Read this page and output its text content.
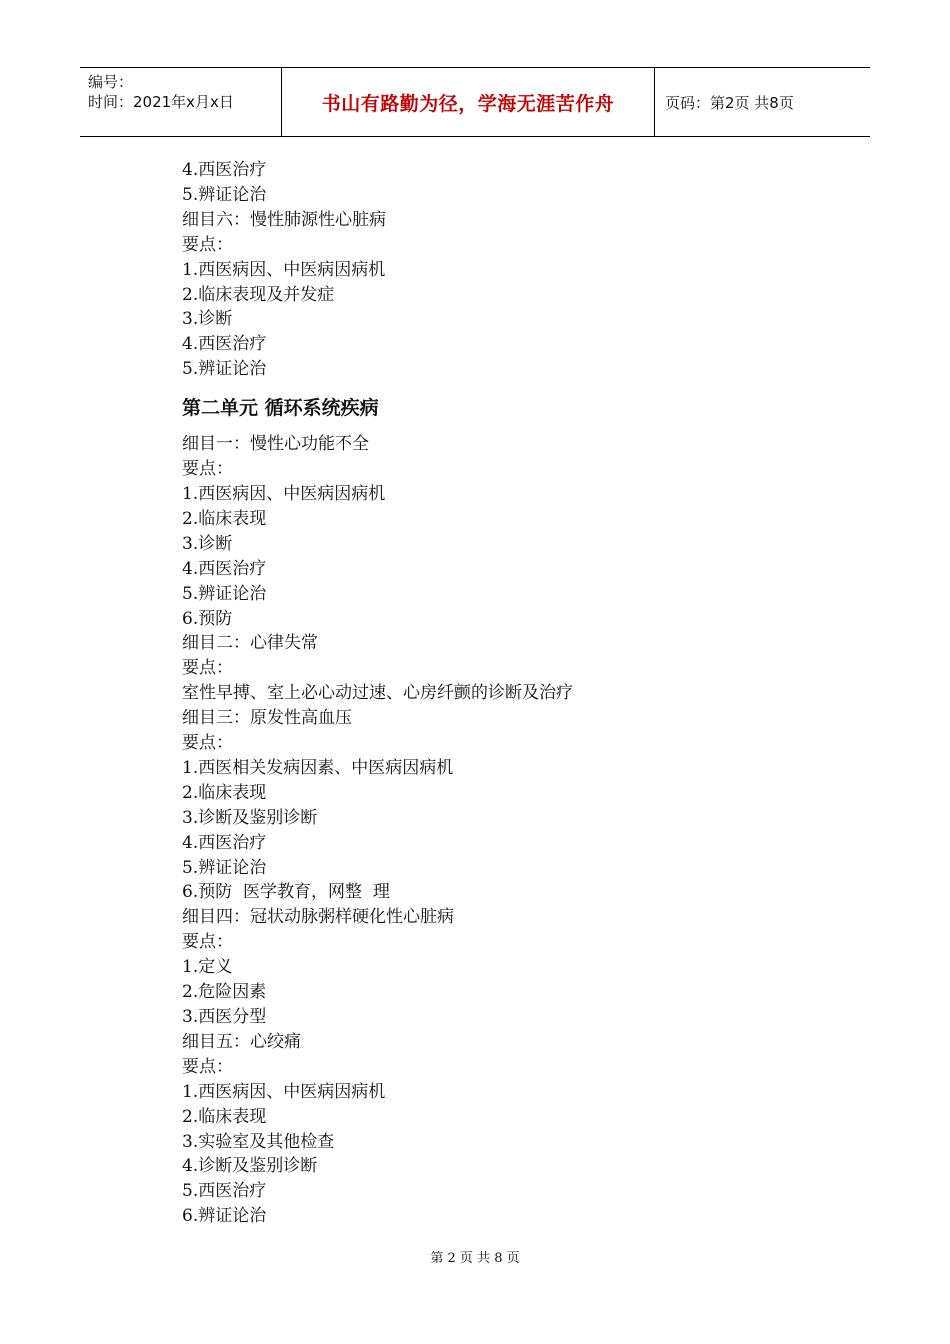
编号：
时间：2021年x月x日	书山有路勤为径，学海无涯苦作舟	页码：第2页 共8页
4.西医治疗
5.辨证论治
细目六：慢性肺源性心脏病
要点：
1.西医病因、中医病因病机
2.临床表现及并发症
3.诊断
4.西医治疗
5.辨证论治
第二单元 循环系统疾病
细目一：慢性心功能不全
要点：
1.西医病因、中医病因病机
2.临床表现
3.诊断
4.西医治疗
5.辨证论治
6.预防
细目二：心律失常
要点：
室性早搏、室上必心动过速、心房纤颤的诊断及治疗
细目三：原发性高血压
要点：
1.西医相关发病因素、中医病因病机
2.临床表现
3.诊断及鉴别诊断
4.西医治疗
5.辨证论治
6.预防  医学教育，网整  理
细目四：冠状动脉粥样硬化性心脏病
要点：
1.定义
2.危险因素
3.西医分型
细目五：心绞痛
要点：
1.西医病因、中医病因病机
2.临床表现
3.实验室及其他检查
4.诊断及鉴别诊断
5.西医治疗
6.辨证论治
第 2 页 共 8 页
